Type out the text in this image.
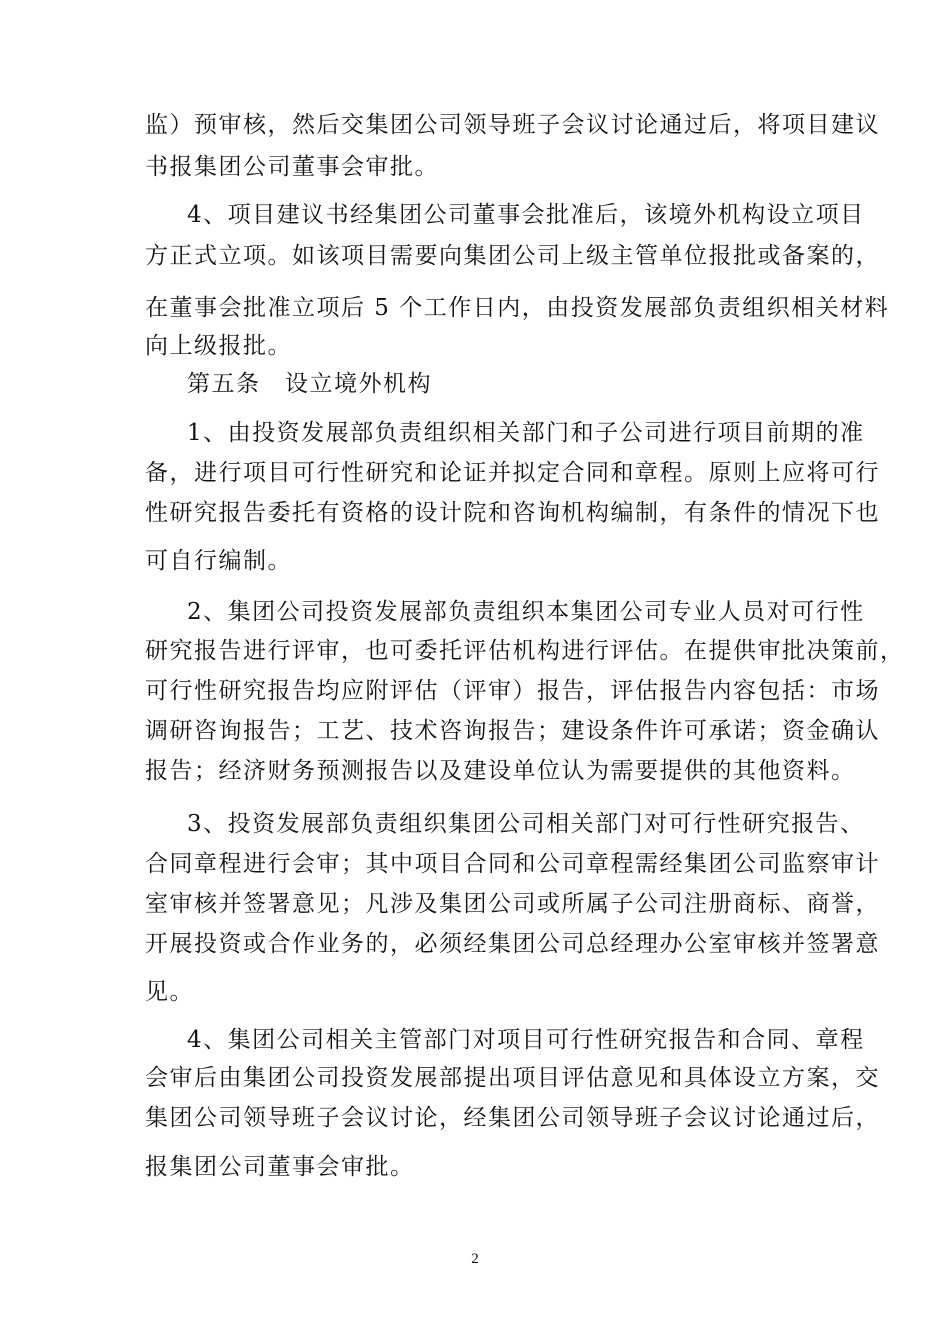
监）预审核，然后交集团公司领导班子会议讨论通过后，将项目建议
书报集团公司董事会审批。
4、项目建议书经集团公司董事会批准后，该境外机构设立项目
方正式立项。如该项目需要向集团公司上级主管单位报批或备案的，
在董事会批准立项后 5 个工作日内，由投资发展部负责组织相关材料
向上级报批。
第五条　设立境外机构
1、由投资发展部负责组织相关部门和子公司进行项目前期的准
备，进行项目可行性研究和论证并拟定合同和章程。原则上应将可行
性研究报告委托有资格的设计院和咨询机构编制，有条件的情况下也
可自行编制。
2、集团公司投资发展部负责组织本集团公司专业人员对可行性
研究报告进行评审，也可委托评估机构进行评估。在提供审批决策前，
可行性研究报告均应附评估（评审）报告，评估报告内容包括：市场
调研咨询报告；工艺、技术咨询报告；建设条件许可承诺；资金确认
报告；经济财务预测报告以及建设单位认为需要提供的其他资料。
3、投资发展部负责组织集团公司相关部门对可行性研究报告、
合同章程进行会审；其中项目合同和公司章程需经集团公司监察审计
室审核并签署意见；凡涉及集团公司或所属子公司注册商标、商誉，
开展投资或合作业务的，必须经集团公司总经理办公室审核并签署意
见。
4、集团公司相关主管部门对项目可行性研究报告和合同、章程
会审后由集团公司投资发展部提出项目评估意见和具体设立方案，交
集团公司领导班子会议讨论，经集团公司领导班子会议讨论通过后，
报集团公司董事会审批。
2
